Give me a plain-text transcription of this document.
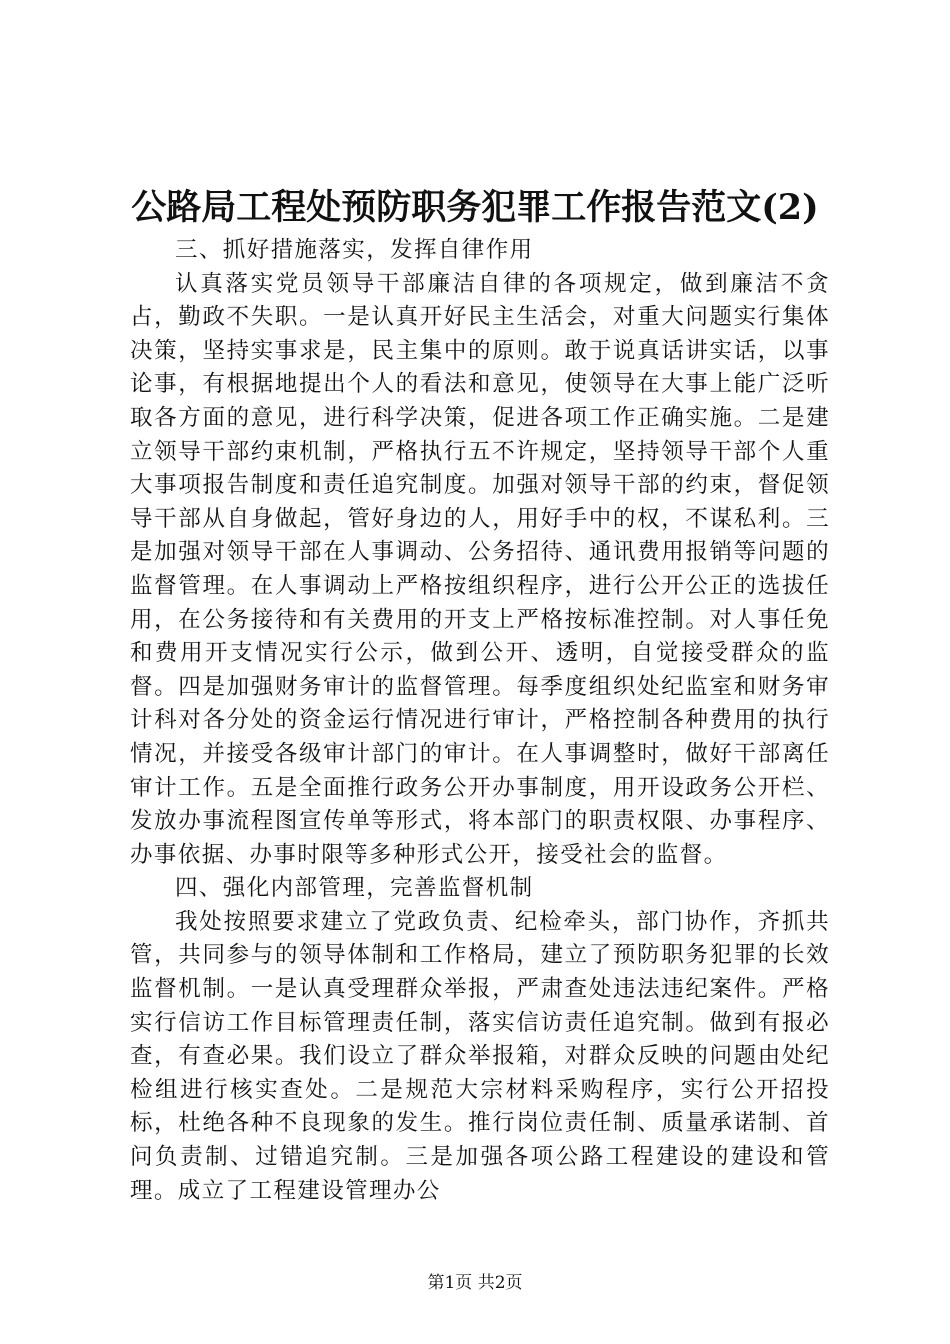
公路局工程处预防职务犯罪工作报告范文(2)

三、抓好措施落实，发挥自律作用

认真落实党员领导干部廉洁自律的各项规定，做到廉洁不贪占，勤政不失职。一是认真开好民主生活会，对重大问题实行集体决策，坚持实事求是，民主集中的原则。敢于说真话讲实话，以事论事，有根据地提出个人的看法和意见，使领导在大事上能广泛听取各方面的意见，进行科学决策，促进各项工作正确实施。二是建立领导干部约束机制，严格执行五不许规定，坚持领导干部个人重大事项报告制度和责任追究制度。加强对领导干部的约束，督促领导干部从自身做起，管好身边的人，用好手中的权，不谋私利。三是加强对领导干部在人事调动、公务招待、通讯费用报销等问题的监督管理。在人事调动上严格按组织程序，进行公开公正的选拔任用，在公务接待和有关费用的开支上严格按标准控制。对人事任免和费用开支情况实行公示，做到公开、透明，自觉接受群众的监督。四是加强财务审计的监督管理。每季度组织处纪监室和财务审计科对各分处的资金运行情况进行审计，严格控制各种费用的执行情况，并接受各级审计部门的审计。在人事调整时，做好干部离任审计工作。五是全面推行政务公开办事制度，用开设政务公开栏、发放办事流程图宣传单等形式，将本部门的职责权限、办事程序、办事依据、办事时限等多种形式公开，接受社会的监督。

四、强化内部管理，完善监督机制

我处按照要求建立了党政负责、纪检牵头，部门协作，齐抓共管，共同参与的领导体制和工作格局，建立了预防职务犯罪的长效监督机制。一是认真受理群众举报，严肃查处违法违纪案件。严格实行信访工作目标管理责任制，落实信访责任追究制。做到有报必查，有查必果。我们设立了群众举报箱，对群众反映的问题由处纪检组进行核实查处。二是规范大宗材料采购程序，实行公开招投标，杜绝各种不良现象的发生。推行岗位责任制、质量承诺制、首问负责制、过错追究制。三是加强各项公路工程建设的建设和管理。成立了工程建设管理办公

第1页 共2页
